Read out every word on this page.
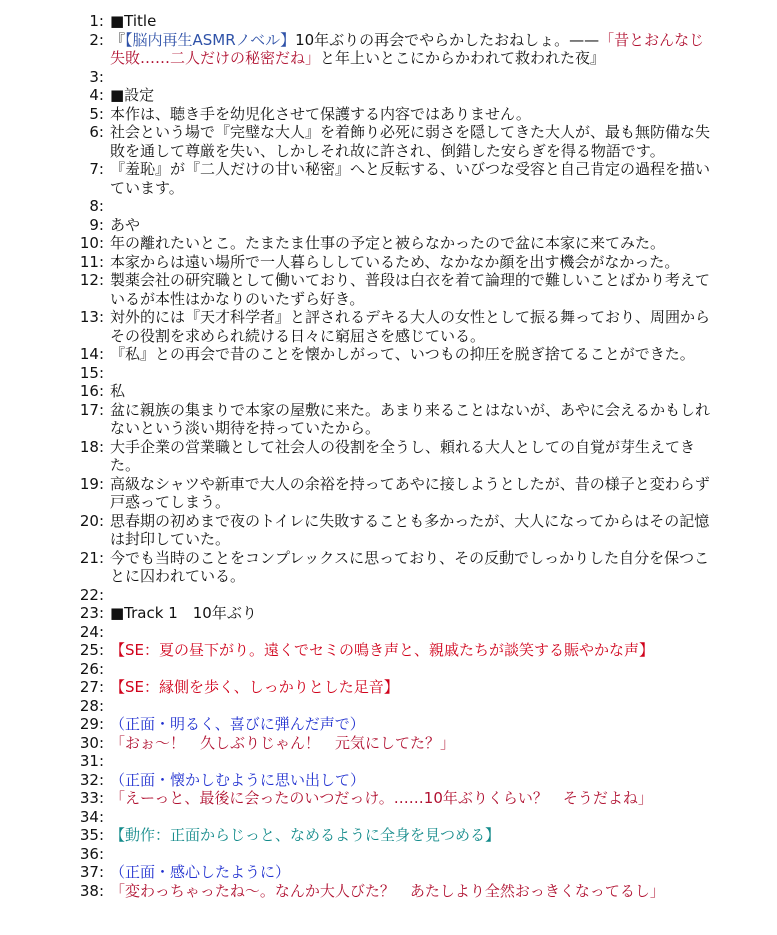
1: ■Title
2: 『【脳内再生ASMRノベル】10年ぶりの再会でやらかしたおねしょ。——「昔とおんなじ失敗……二人だけの秘密だね」と年上いとこにからかわれて救われた夜』
3:
4: ■設定
5: 本作は、聴き手を幼児化させて保護する内容ではありません。
6: 社会という場で『完璧な大人』を着飾り必死に弱さを隠してきた大人が、最も無防備な失敗を通して尊厳を失い、しかしそれ故に許され、倒錯した安らぎを得る物語です。
7: 『羞恥』が『二人だけの甘い秘密』へと反転する、いびつな受容と自己肯定の過程を描いています。
8:
9: あや
10: 年の離れたいとこ。たまたま仕事の予定と被らなかったので盆に本家に来てみた。
11: 本家からは遠い場所で一人暮らししているため、なかなか顔を出す機会がなかった。
12: 製薬会社の研究職として働いており、普段は白衣を着て論理的で難しいことばかり考えているが本性はかなりのいたずら好き。
13: 対外的には『天才科学者』と評されるデキる大人の女性として振る舞っており、周囲からその役割を求められ続ける日々に窮屈さを感じている。
14: 『私』との再会で昔のことを懐かしがって、いつもの抑圧を脱ぎ捨てることができた。
15:
16: 私
17: 盆に親族の集まりで本家の屋敷に来た。あまり来ることはないが、あやに会えるかもしれないという淡い期待を持っていたから。
18: 大手企業の営業職として社会人の役割を全うし、頼れる大人としての自覚が芽生えてきた。
19: 高級なシャツや新車で大人の余裕を持ってあやに接しようとしたが、昔の様子と変わらず戸惑ってしまう。
20: 思春期の初めまで夜のトイレに失敗することも多かったが、大人になってからはその記憶は封印していた。
21: 今でも当時のことをコンプレックスに思っており、その反動でしっかりした自分を保つことに囚われている。
22:
23: ■Track 1　10年ぶり
24:
25: 【SE：夏の昼下がり。遠くでセミの鳴き声と、親戚たちが談笑する賑やかな声】
26:
27: 【SE：縁側を歩く、しっかりとした足音】
28:
29: （正面・明るく、喜びに弾んだ声で）
30: 「おぉ～！　久しぶりじゃん！　元気にしてた？」
31:
32: （正面・懐かしむように思い出して）
33: 「えーっと、最後に会ったのいつだっけ。……10年ぶりくらい？　そうだよね」
34:
35: 【動作：正面からじっと、なめるように全身を見つめる】
36:
37: （正面・感心したように）
38: 「変わっちゃったね～。なんか大人びた？　あたしより全然おっきくなってるし」
